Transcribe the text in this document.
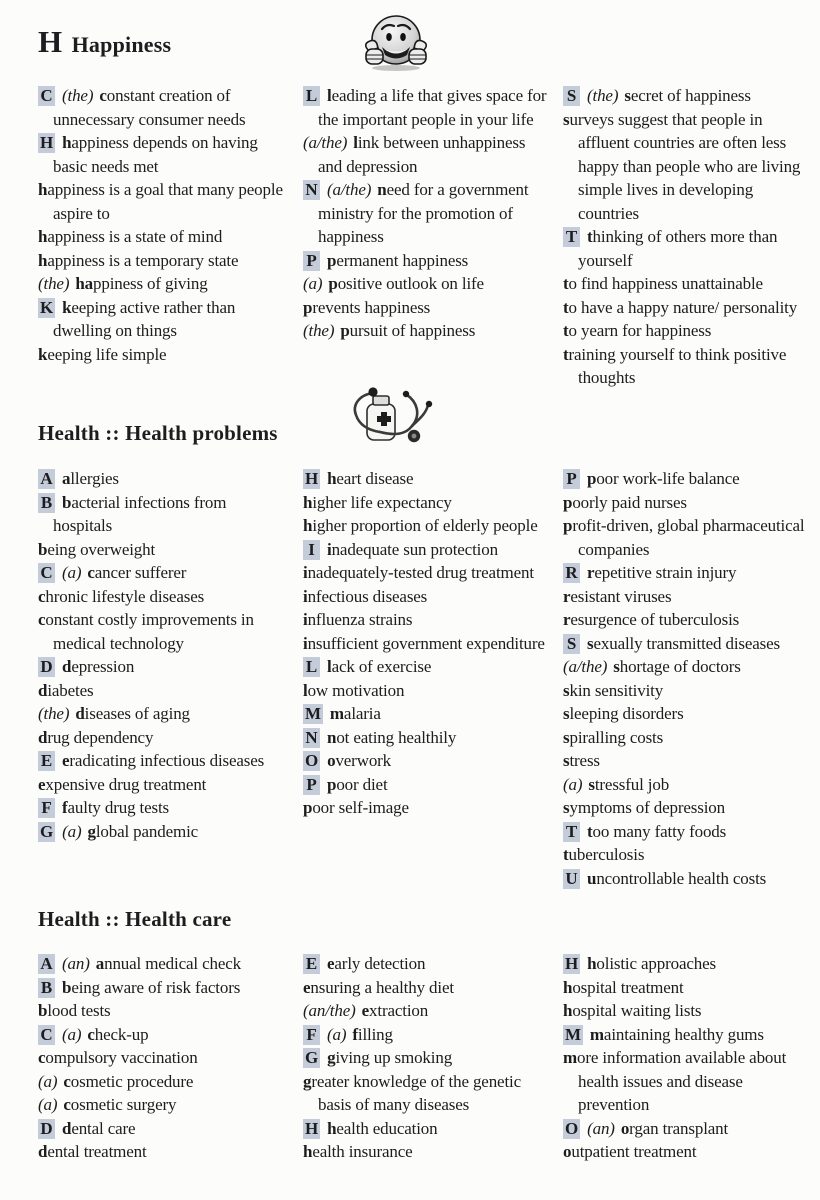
H Happiness
C (the) constant creation of unnecessary consumer needs
H happiness depends on having basic needs met
happiness is a goal that many people aspire to
happiness is a state of mind
happiness is a temporary state
(the) happiness of giving
K keeping active rather than dwelling on things
keeping life simple
L leading a life that gives space for the important people in your life
(a/the) link between unhappiness and depression
N (a/the) need for a government ministry for the promotion of happiness
P permanent happiness
(a) positive outlook on life
prevents happiness
(the) pursuit of happiness
S (the) secret of happiness
surveys suggest that people in affluent countries are often less happy than people who are living simple lives in developing countries
T thinking of others more than yourself
to find happiness unattainable
to have a happy nature/ personality
to yearn for happiness
training yourself to think positive thoughts
Health :: Health problems
A allergies
B bacterial infections from hospitals
being overweight
C (a) cancer sufferer
chronic lifestyle diseases
constant costly improvements in medical technology
D depression
diabetes
(the) diseases of aging
drug dependency
E eradicating infectious diseases
expensive drug treatment
F faulty drug tests
G (a) global pandemic
H heart disease
higher life expectancy
higher proportion of elderly people
I inadequate sun protection
inadequately-tested drug treatment
infectious diseases
influenza strains
insufficient government expenditure
L lack of exercise
low motivation
M malaria
N not eating healthily
O overwork
P poor diet
poor self-image
P poor work-life balance
poorly paid nurses
profit-driven, global pharmaceutical companies
R repetitive strain injury
resistant viruses
resurgence of tuberculosis
S sexually transmitted diseases
(a/the) shortage of doctors
skin sensitivity
sleeping disorders
spiralling costs
stress
(a) stressful job
symptoms of depression
T too many fatty foods
tuberculosis
U uncontrollable health costs
Health :: Health care
A (an) annual medical check
B being aware of risk factors
blood tests
C (a) check-up
compulsory vaccination
(a) cosmetic procedure
(a) cosmetic surgery
D dental care
dental treatment
E early detection
ensuring a healthy diet
(an/the) extraction
F (a) filling
G giving up smoking
greater knowledge of the genetic basis of many diseases
H health education
health insurance
H holistic approaches
hospital treatment
hospital waiting lists
M maintaining healthy gums
more information available about health issues and disease prevention
O (an) organ transplant
outpatient treatment
